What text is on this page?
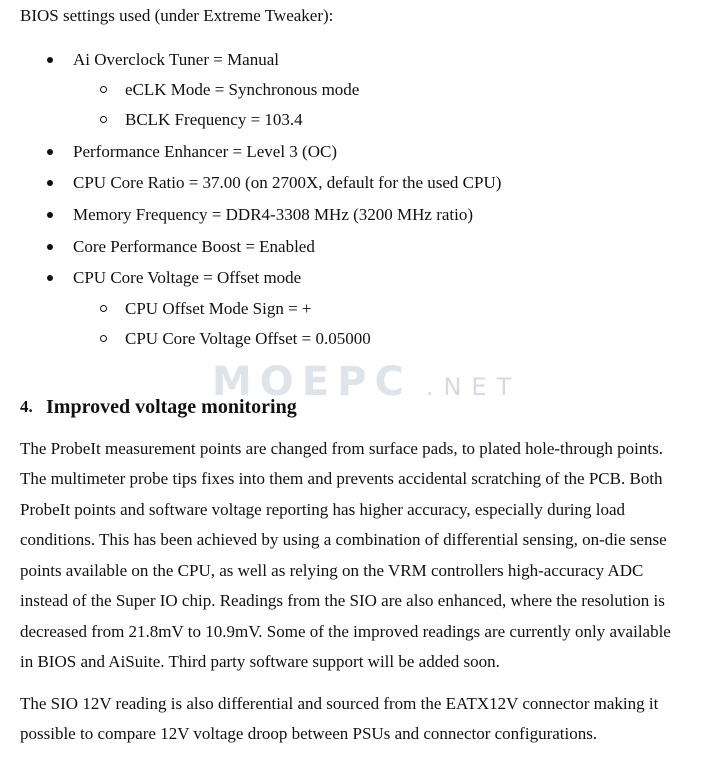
BIOS settings used (under Extreme Tweaker):
Ai Overclock Tuner = Manual
eCLK Mode = Synchronous mode
BCLK Frequency = 103.4
Performance Enhancer = Level 3 (OC)
CPU Core Ratio = 37.00 (on 2700X, default for the used CPU)
Memory Frequency = DDR4-3308 MHz (3200 MHz ratio)
Core Performance Boost = Enabled
CPU Core Voltage = Offset mode
CPU Offset Mode Sign = +
CPU Core Voltage Offset = 0.05000
MOEPC .NET
4. Improved voltage monitoring
The ProbeIt measurement points are changed from surface pads, to plated hole-through points.
The multimeter probe tips fixes into them and prevents accidental scratching of the PCB. Both
ProbeIt points and software voltage reporting has higher accuracy, especially during load
conditions. This has been achieved by using a combination of differential sensing, on-die sense
points available on the CPU, as well as relying on the VRM controllers high-accuracy ADC
instead of the Super IO chip. Readings from the SIO are also enhanced, where the resolution is
decreased from 21.8mV to 10.9mV. Some of the improved readings are currently only available
in BIOS and AiSuite. Third party software support will be added soon.
The SIO 12V reading is also differential and sourced from the EATX12V connector making it
possible to compare 12V voltage droop between PSUs and connector configurations.
